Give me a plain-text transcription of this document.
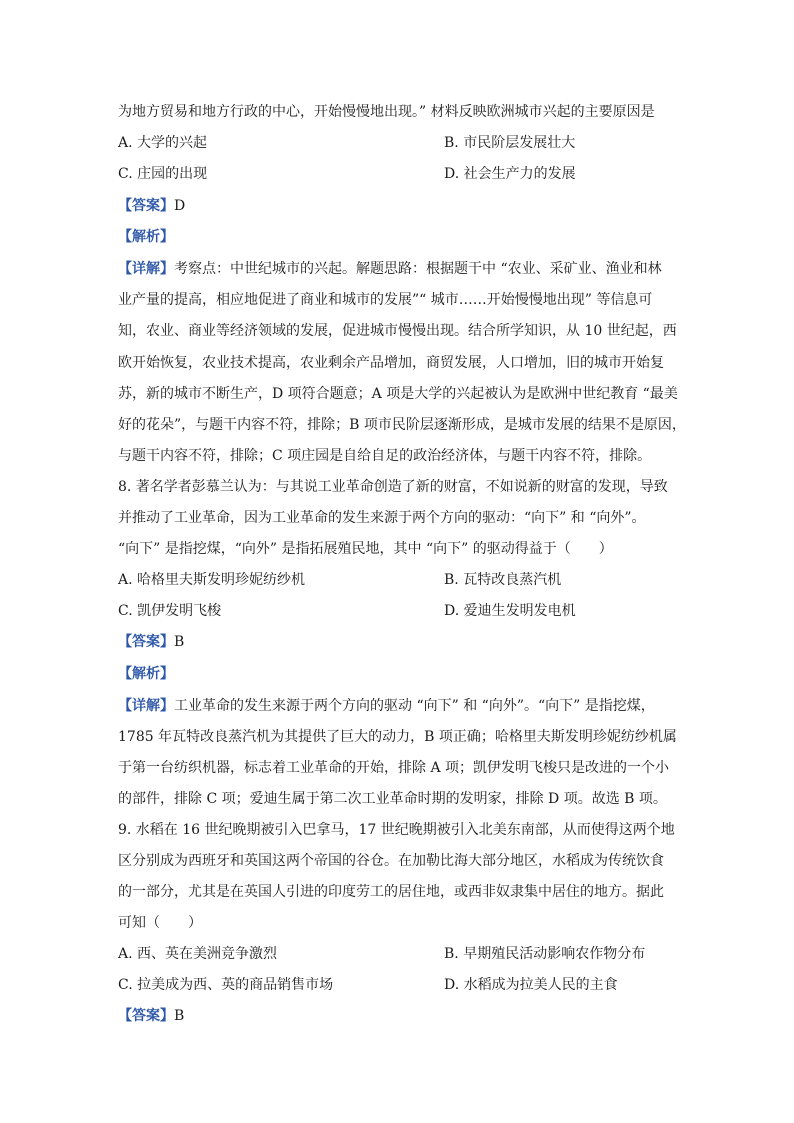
为地方贸易和地方行政的中心，开始慢慢地出现。” 材料反映欧洲城市兴起的主要原因是
A. 大学的兴起	B. 市民阶层发展壮大
C. 庄园的出现	D. 社会生产力的发展
【答案】D
【解析】
【详解】考察点：中世纪城市的兴起。解题思路：根据题干中 “农业、采矿业、渔业和林
业产量的提高，相应地促进了商业和城市的发展”“ 城市……开始慢慢地出现” 等信息可
知，农业、商业等经济领域的发展，促进城市慢慢出现。结合所学知识，从 10 世纪起，西
欧开始恢复，农业技术提高，农业剩余产品增加，商贸发展，人口增加，旧的城市开始复
苏，新的城市不断生产，D 项符合题意；A 项是大学的兴起被认为是欧洲中世纪教育 “最美
好的花朵”，与题干内容不符，排除；B 项市民阶层逐渐形成，是城市发展的结果不是原因，
与题干内容不符，排除；C 项庄园是自给自足的政治经济体，与题干内容不符，排除。
8. 著名学者彭慕兰认为：与其说工业革命创造了新的财富，不如说新的财富的发现，导致
并推动了工业革命，因为工业革命的发生来源于两个方向的驱动：“向下” 和 “向外”。
“向下” 是指挖煤，“向外” 是指拓展殖民地，其中 “向下” 的驱动得益于（　　）
A. 哈格里夫斯发明珍妮纺纱机	B. 瓦特改良蒸汽机
C. 凯伊发明飞梭	D. 爱迪生发明发电机
【答案】B
【解析】
【详解】工业革命的发生来源于两个方向的驱动 “向下” 和 “向外”。“向下” 是指挖煤，
1785 年瓦特改良蒸汽机为其提供了巨大的动力，B 项正确；哈格里夫斯发明珍妮纺纱机属
于第一台纺织机器，标志着工业革命的开始，排除 A 项；凯伊发明飞梭只是改进的一个小
的部件，排除 C 项；爱迪生属于第二次工业革命时期的发明家，排除 D 项。故选 B 项。
9. 水稻在 16 世纪晚期被引入巴拿马，17 世纪晚期被引入北美东南部，从而使得这两个地
区分别成为西班牙和英国这两个帝国的谷仓。在加勒比海大部分地区，水稻成为传统饮食
的一部分，尤其是在英国人引进的印度劳工的居住地，或西非奴隶集中居住的地方。据此
可知（　　）
A. 西、英在美洲竞争激烈	B. 早期殖民活动影响农作物分布
C. 拉美成为西、英的商品销售市场	D. 水稻成为拉美人民的主食
【答案】B
